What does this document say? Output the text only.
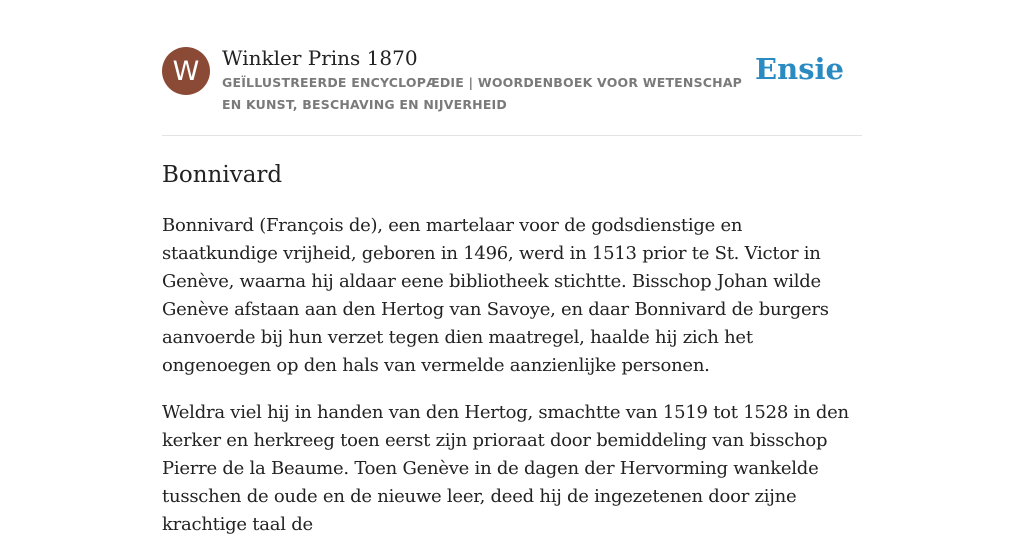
W	Winkler Prins 1870
GEÏLLUSTREERDE ENCYCLOPÆDIE | WOORDENBOEK VOOR WETENSCHAP EN KUNST, BESCHAVING EN NIJVERHEID
Ensie
Bonnivard

Bonnivard (François de), een martelaar voor de godsdienstige en staatkundige vrijheid, geboren in 1496, werd in 1513 prior te St. Victor in Genève, waarna hij aldaar eene bibliotheek stichtte. Bisschop Johan wilde Genève afstaan aan den Hertog van Savoye, en daar Bonnivard de burgers aanvoerde bij hun verzet tegen dien maatregel, haalde hij zich het ongenoegen op den hals van vermelde aanzienlijke personen.

Weldra viel hij in handen van den Hertog, smachtte van 1519 tot 1528 in den kerker en herkreeg toen eerst zijn prioraat door bemiddeling van bisschop Pierre de la Beaume. Toen Genève in de dagen der Hervorming wankelde tusschen de oude en de nieuwe leer, deed hij de ingezetenen door zijne krachtige taal de
